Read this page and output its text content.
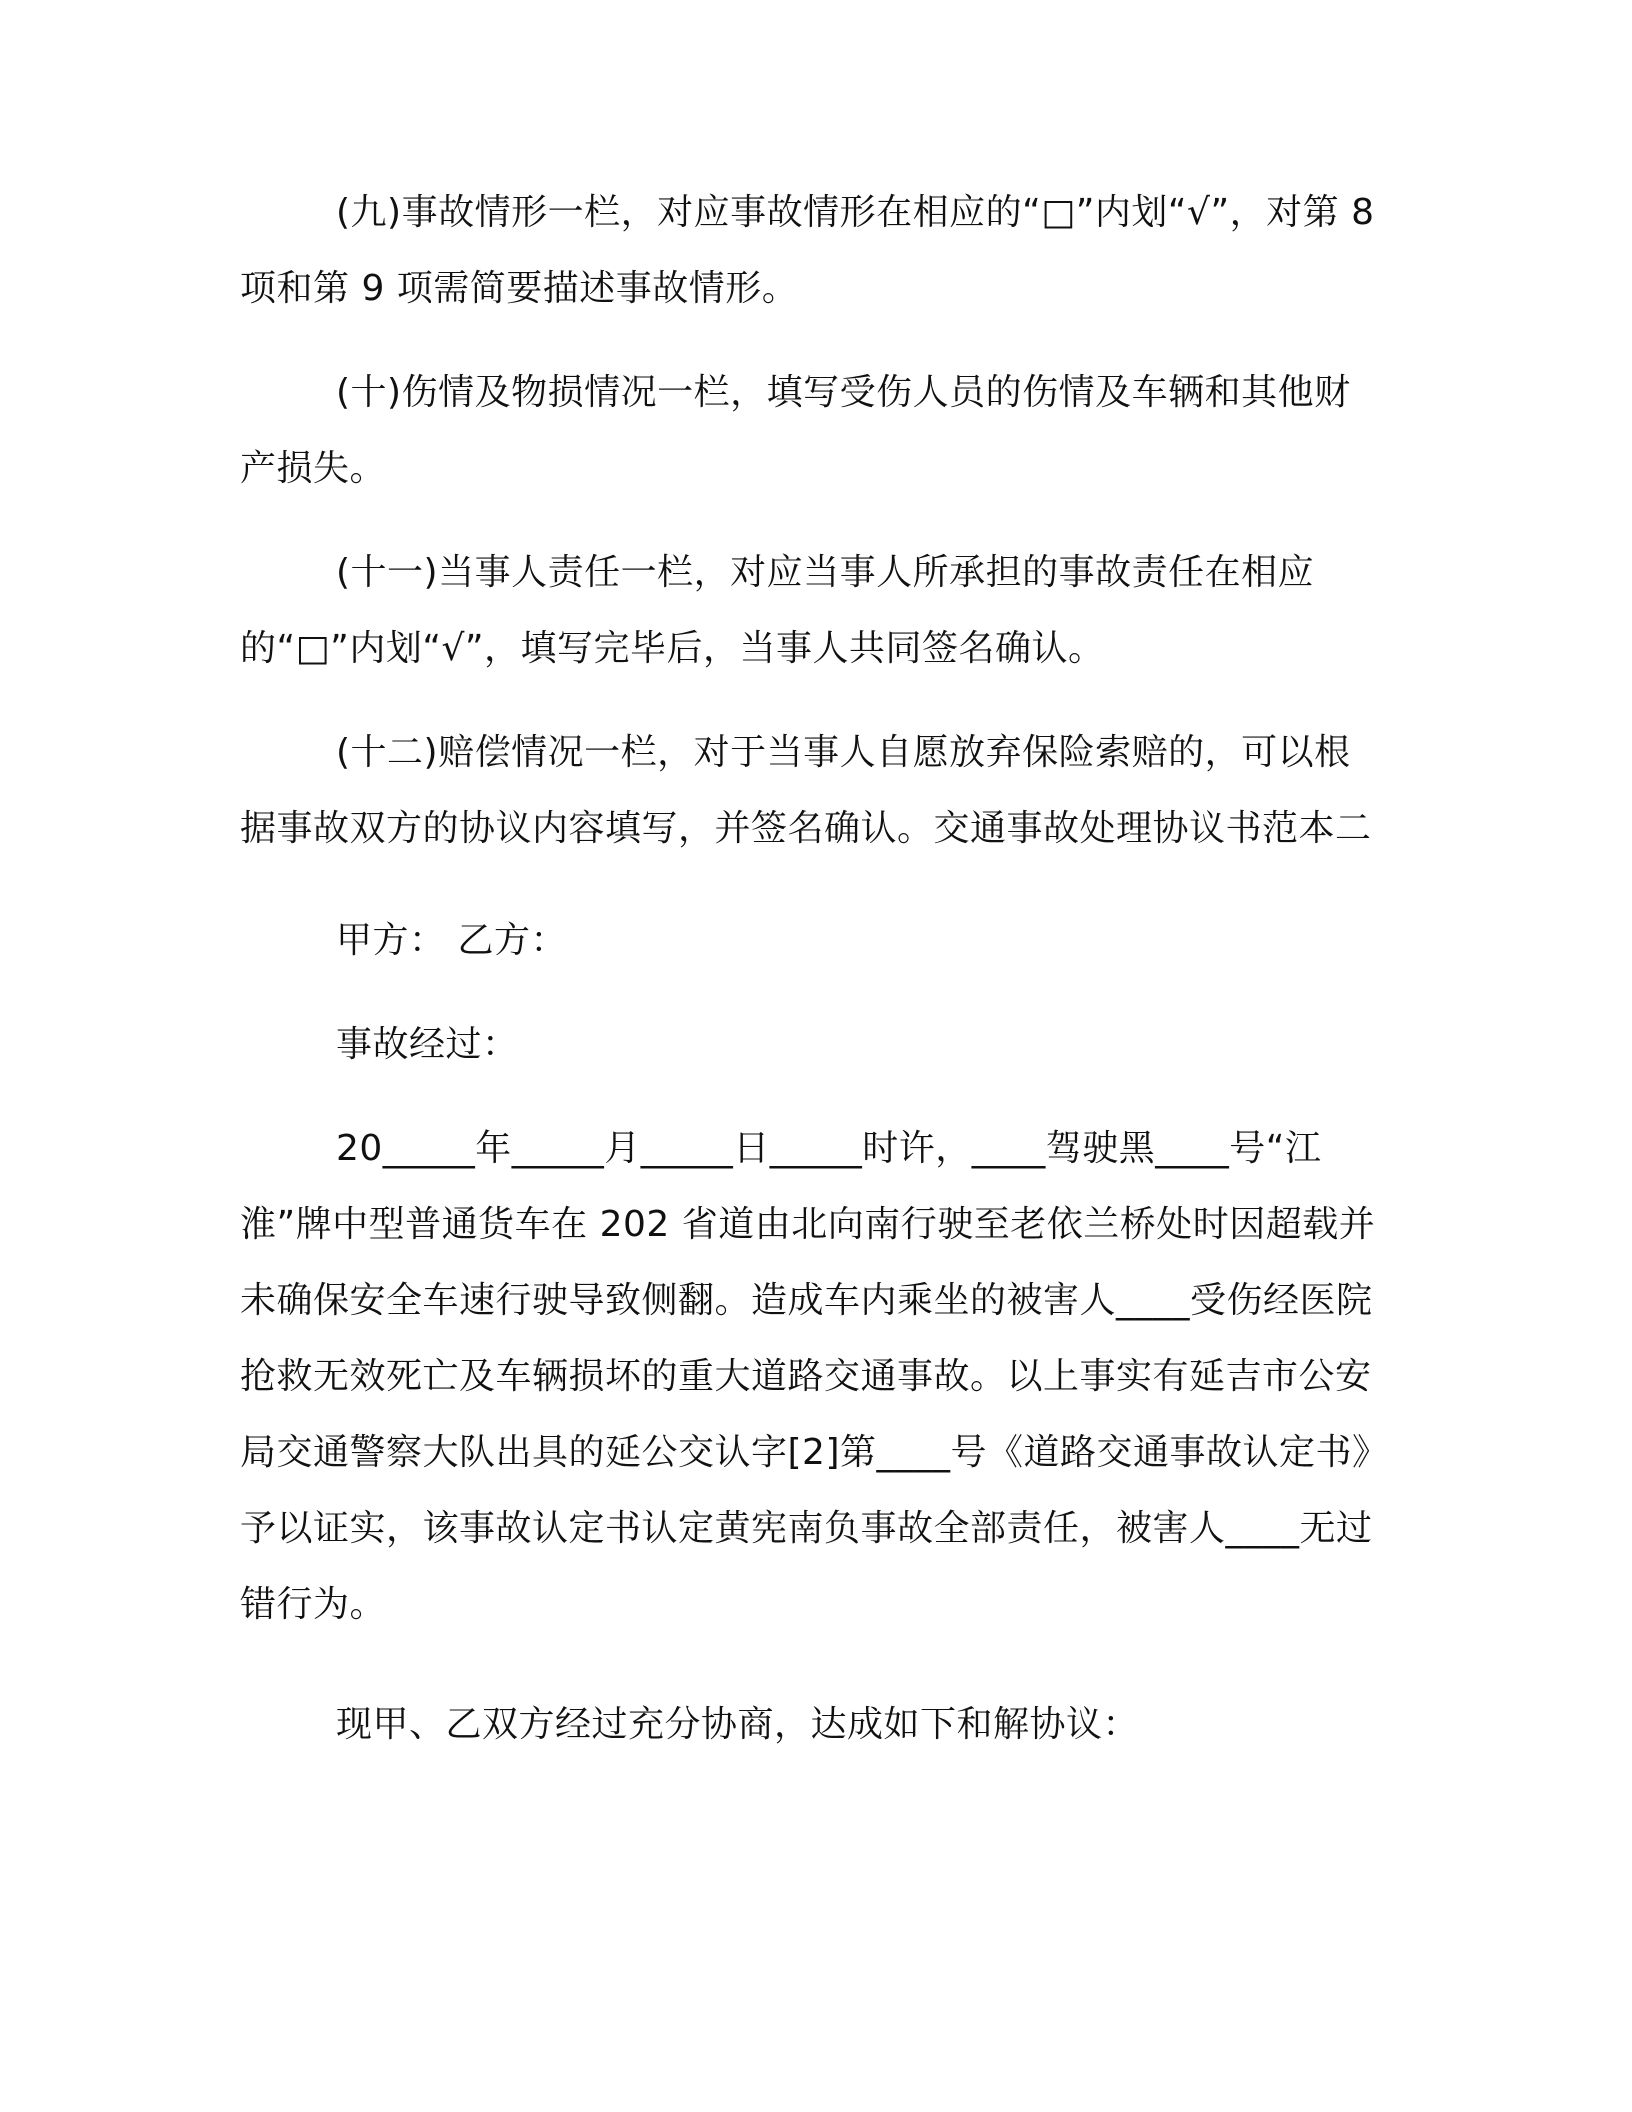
(九)事故情形一栏，对应事故情形在相应的“□”内划“√”，对第 8 项和第 9 项需简要描述事故情形。

(十)伤情及物损情况一栏，填写受伤人员的伤情及车辆和其他财产损失。

(十一)当事人责任一栏，对应当事人所承担的事故责任在相应的“□”内划“√”，填写完毕后，当事人共同签名确认。

(十二)赔偿情况一栏，对于当事人自愿放弃保险索赔的，可以根据事故双方的协议内容填写，并签名确认。交通事故处理协议书范本二

甲方： 乙方：

事故经过：

20_____年_____月_____日_____时许，____驾驶黑____号“江淮”牌中型普通货车在 202 省道由北向南行驶至老依兰桥处时因超载并未确保安全车速行驶导致侧翻。造成车内乘坐的被害人____受伤经医院抢救无效死亡及车辆损坏的重大道路交通事故。以上事实有延吉市公安局交通警察大队出具的延公交认字[2]第____号《道路交通事故认定书》予以证实，该事故认定书认定黄宪南负事故全部责任，被害人____无过错行为。

现甲、乙双方经过充分协商，达成如下和解协议：
